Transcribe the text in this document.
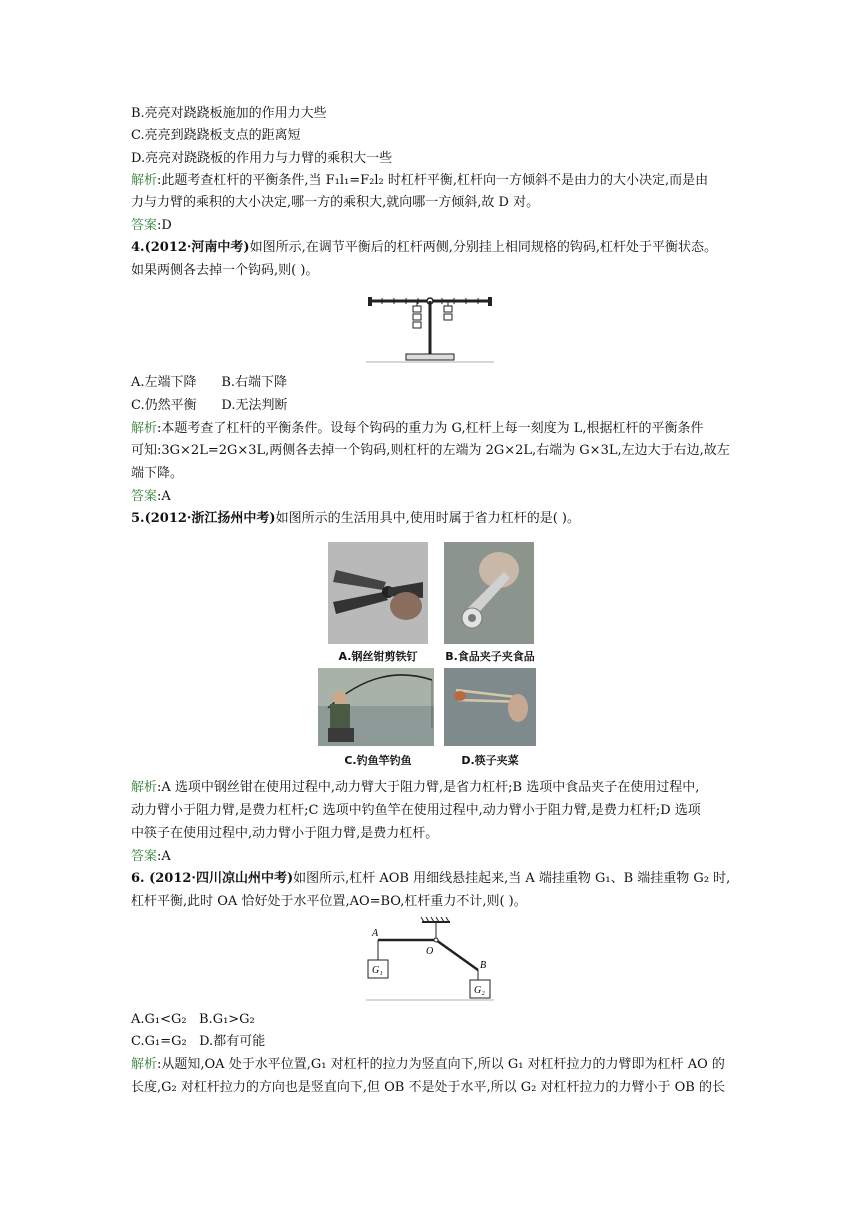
B.亮亮对跷跷板施加的作用力大些
C.亮亮到跷跷板支点的距离短
D.亮亮对跷跷板的作用力与力臂的乘积大一些
解析:此题考查杠杆的平衡条件,当 F₁l₁=F₂l₂ 时杠杆平衡,杠杆向一方倾斜不是由力的大小决定,而是由
力与力臂的乘积的大小决定,哪一方的乘积大,就向哪一方倾斜,故 D 对。
答案:D
4.(2012·河南中考)如图所示,在调节平衡后的杠杆两侧,分别挂上相同规格的钩码,杠杆处于平衡状态。
如果两侧各去掉一个钩码,则( )。
A.左端下降      B.右端下降
C.仍然平衡      D.无法判断
解析:本题考查了杠杆的平衡条件。设每个钩码的重力为 G,杠杆上每一刻度为 L,根据杠杆的平衡条件
可知:3G×2L=2G×3L,两侧各去掉一个钩码,则杠杆的左端为 2G×2L,右端为 G×3L,左边大于右边,故左
端下降。
答案:A
5.(2012·浙江扬州中考)如图所示的生活用具中,使用时属于省力杠杆的是( )。
A.钢丝钳剪铁钉	B.食品夹子夹食品
C.钓鱼竿钓鱼	D.筷子夹菜
解析:A 选项中钢丝钳在使用过程中,动力臂大于阻力臂,是省力杠杆;B 选项中食品夹子在使用过程中,
动力臂小于阻力臂,是费力杠杆;C 选项中钓鱼竿在使用过程中,动力臂小于阻力臂,是费力杠杆;D 选项
中筷子在使用过程中,动力臂小于阻力臂,是费力杠杆。
答案:A
6. (2012·四川凉山州中考)如图所示,杠杆 AOB 用细线悬挂起来,当 A 端挂重物 G₁、B 端挂重物 G₂ 时,
杠杆平衡,此时 OA 恰好处于水平位置,AO=BO,杠杆重力不计,则( )。
A
O
B
G₁
G₂
A.G₁<G₂   B.G₁>G₂
C.G₁=G₂   D.都有可能
解析:从题知,OA 处于水平位置,G₁ 对杠杆的拉力为竖直向下,所以 G₁ 对杠杆拉力的力臂即为杠杆 AO 的
长度,G₂ 对杠杆拉力的方向也是竖直向下,但 OB 不是处于水平,所以 G₂ 对杠杆拉力的力臂小于 OB 的长
